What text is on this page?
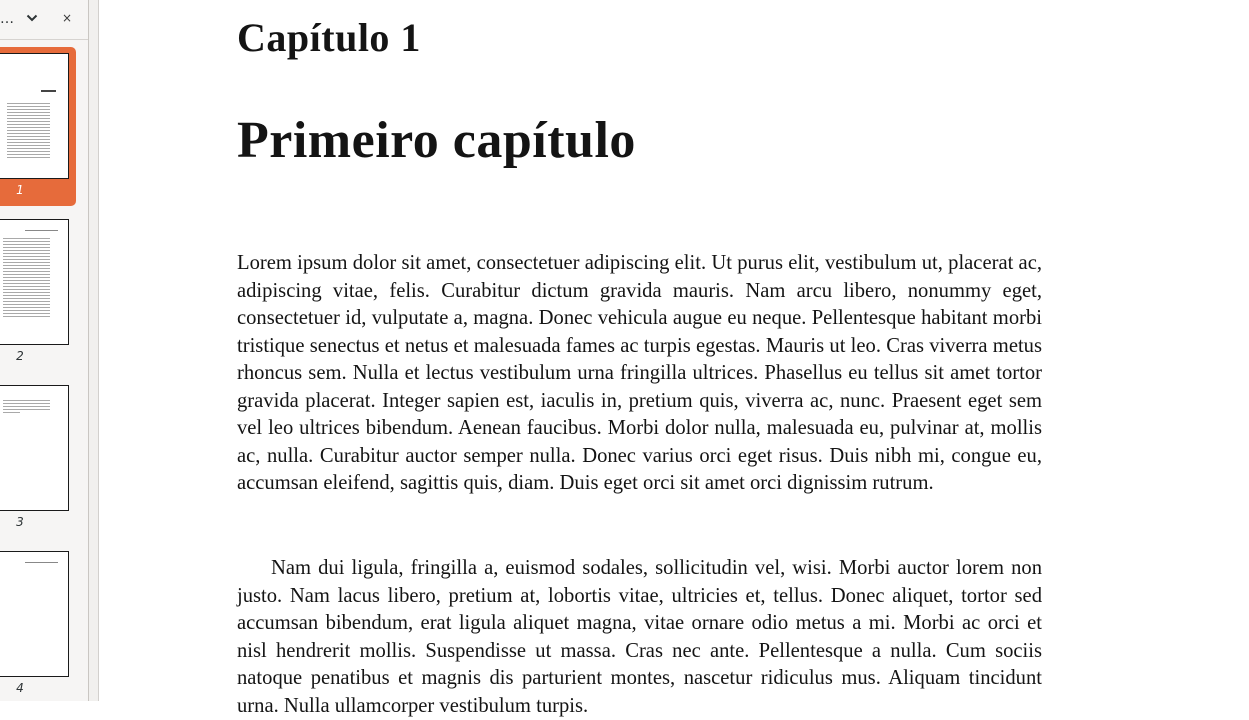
…	×
1
2
3
4
Capítulo 1
Primeiro capítulo

Lorem ipsum dolor sit amet, consectetuer adipiscing elit. Ut purus elit, vestibulum ut, placerat ac, adipiscing vitae, felis. Curabitur dictum gravida mauris. Nam arcu libero, nonummy eget, consectetuer id, vulputate a, magna. Donec vehicula augue eu neque. Pellentesque habitant morbi tristique senectus et netus et malesuada fames ac turpis egestas. Mauris ut leo. Cras viverra metus rhoncus sem. Nulla et lectus vestibulum urna fringilla ultrices. Phasellus eu tellus sit amet tortor gravida placerat. Integer sapien est, iaculis in, pretium quis, viverra ac, nunc. Praesent eget sem vel leo ultrices bibendum. Aenean faucibus. Morbi dolor nulla, malesuada eu, pulvinar at, mollis ac, nulla. Curabitur auctor semper nulla. Donec varius orci eget risus. Duis nibh mi, congue eu, accumsan eleifend, sagittis quis, diam. Duis eget orci sit amet orci dignissim rutrum.

Nam dui ligula, fringilla a, euismod sodales, sollicitudin vel, wisi. Morbi auctor lorem non justo. Nam lacus libero, pretium at, lobortis vitae, ultricies et, tellus. Donec aliquet, tortor sed accumsan bibendum, erat ligula aliquet magna, vitae ornare odio metus a mi. Morbi ac orci et nisl hendrerit mollis. Suspendisse ut massa. Cras nec ante. Pellentesque a nulla. Cum sociis natoque penatibus et magnis dis parturient montes, nascetur ridiculus mus. Aliquam tincidunt urna. Nulla ullamcorper vestibulum turpis.
